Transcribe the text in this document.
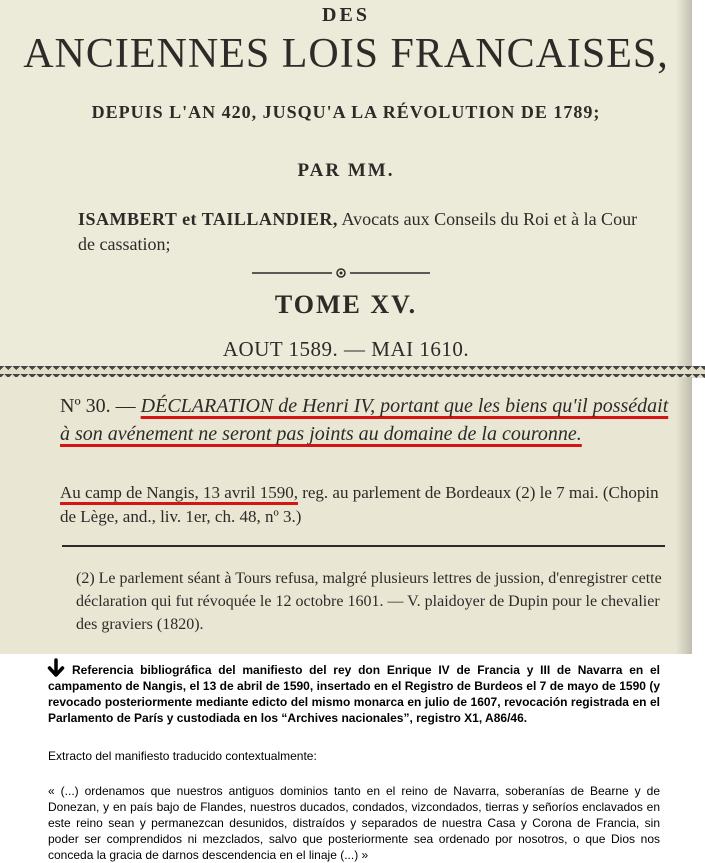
DES
ANCIENNES LOIS FRANCAISES,
DEPUIS L'AN 420, JUSQU'A LA RÉVOLUTION DE 1789;
PAR MM.
ISAMBERT et TAILLANDIER, Avocats aux Conseils du Roi et à la Cour de cassation;
TOME XV.
AOUT 1589. — MAI 1610.
Nº 30. — DÉCLARATION de Henri IV, portant que les biens qu'il possédait à son avénement ne seront pas joints au domaine de la couronne.
Au camp de Nangis, 13 avril 1590, reg. au parlement de Bordeaux (2) le 7 mai. (Chopin de Lège, and., liv. 1er, ch. 48, nº 3.)
(2) Le parlement séant à Tours refusa, malgré plusieurs lettres de jussion, d'enregistrer cette déclaration qui fut révoquée le 12 octobre 1601. — V. plaidoyer de Dupin pour le chevalier des graviers (1820).

Referencia bibliográfica del manifiesto del rey don Enrique IV de Francia y III de Navarra en el campamento de Nangis, el 13 de abril de 1590, insertado en el Registro de Burdeos el 7 de mayo de 1590 (y revocado posteriormente mediante edicto del mismo monarca en julio de 1607, revocación registrada en el Parlamento de París y custodiada en los “Archives nacionales”, registro X1, A86/46.

Extracto del manifiesto traducido contextualmente:

« (...) ordenamos que nuestros antiguos dominios tanto en el reino de Navarra, soberanías de Bearne y de Donezan, y en país bajo de Flandes, nuestros ducados, condados, vizcondados, tierras y señoríos enclavados en este reino sean y permanezcan desunidos, distraídos y separados de nuestra Casa y Corona de Francia, sin poder ser comprendidos ni mezclados, salvo que posteriormente sea ordenado por nosotros, o que Dios nos conceda la gracia de darnos descendencia en el linaje (...) »
